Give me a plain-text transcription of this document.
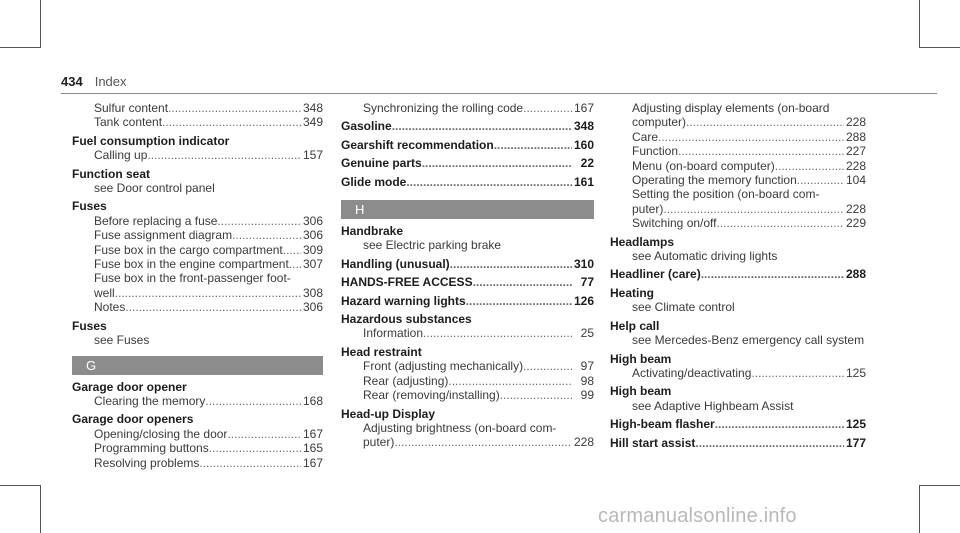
434 Index
Sulfur content .....	348
Tank content .....	349
Fuel consumption indicator
Calling up .....	157
Function seat
see Door control panel
Fuses
Before replacing a fuse .....	306
Fuse assignment diagram .....	306
Fuse box in the cargo compartment ..... 309
Fuse box in the engine compartment ..... 307
Fuse box in the front-passenger foot-
well .....	308
Notes .....	306
Fuses
see Fuses
G
Garage door opener
Clearing the memory .....	168
Garage door openers
Opening/closing the door .....	167
Programming buttons .....	165
Resolving problems .....	167
Synchronizing the rolling code .....	167
Gasoline .....	348
Gearshift recommendation .....	160
Genuine parts .....	22
Glide mode .....	161
H
Handbrake
see Electric parking brake
Handling (unusual) .....	310
HANDS-FREE ACCESS .....	77
Hazard warning lights .....	126
Hazardous substances
Information .....	25
Head restraint
Front (adjusting mechanically) .....	97
Rear (adjusting) .....	98
Rear (removing/installing) .....	99
Head-up Display
Adjusting brightness (on-board com-
puter) .....	228
Adjusting display elements (on-board
computer) .....	228
Care .....	288
Function .....	227
Menu (on-board computer) .....	228
Operating the memory function .....	104
Setting the position (on-board com-
puter) .....	228
Switching on/off .....	229
Headlamps
see Automatic driving lights
Headliner (care) .....	288
Heating
see Climate control
Help call
see Mercedes-Benz emergency call system
High beam
Activating/deactivating .....	125
High beam
see Adaptive Highbeam Assist
High-beam flasher .....	125
Hill start assist .....	177
carmanualsonline.info
